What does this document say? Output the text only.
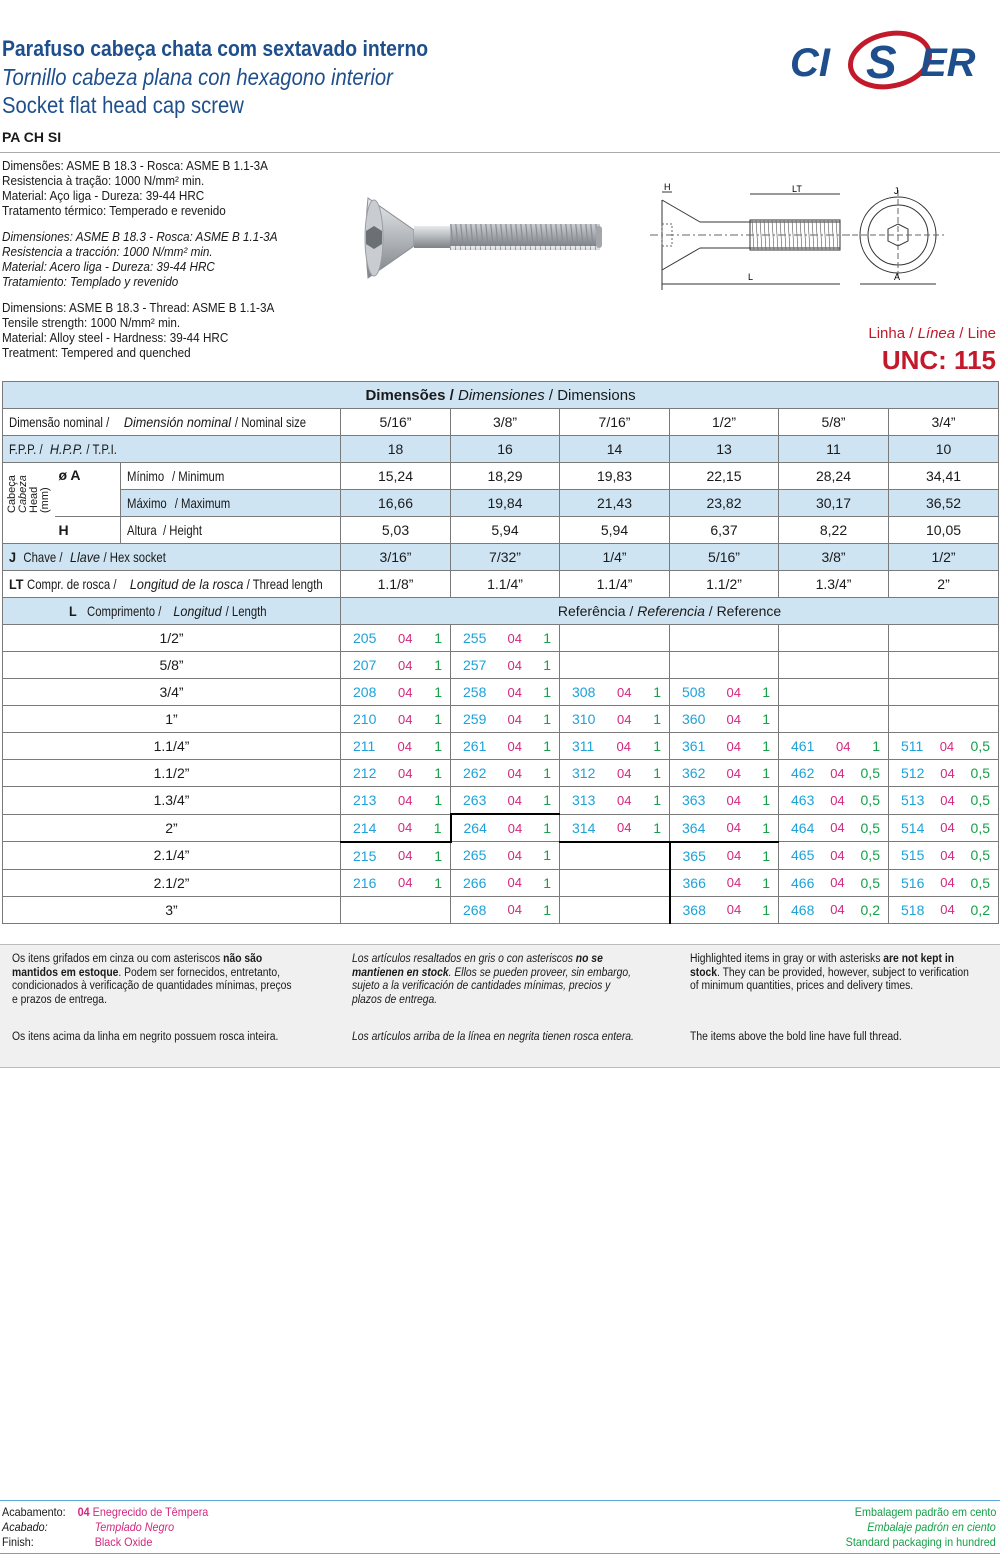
Parafuso cabeça chata com sextavado interno
Tornillo cabeza plana con hexagono interior
Socket flat head cap screw
PA CH SI
CI S ER
Dimensões: ASME B 18.3 - Rosca: ASME B 1.1-3A
Resistencia à tração: 1000 N/mm² min.
Material: Aço liga - Dureza: 39-44 HRC
Tratamento térmico: Temperado e revenido
Dimensiones: ASME B 18.3 - Rosca: ASME B 1.1-3A
Resistencia a tracción: 1000 N/mm² min.
Material: Acero liga - Dureza: 39-44 HRC
Tratamiento: Templado y revenido
Dimensions: ASME B 18.3 - Thread: ASME B 1.1-3A
Tensile strength: 1000 N/mm² min.
Material: Alloy steel - Hardness: 39-44 HRC
Treatment: Tempered and quenched
H	LT
L
J
A
Linha / Línea / Line
UNC: 115
Dimensões / Dimensiones / Dimensions								
Dimensão nominal / Dimensión nominal / Nominal size			5/16”	3/8”	7/16”	1/2”	5/8”	3/4”
F.P.P. / H.P.P. / T.P.I.			18	16	14	13	11	10

Cabeça Cabeza Head (mm)	ø A	Mínimo / Minimum	15,24	18,29	19,83	22,15	28,24	34,41
		Máximo / Maximum	16,66	19,84	21,43	23,82	30,17	36,52
	H	Altura / Height	5,03	5,94	5,94	6,37	8,22	10,05
J Chave / Llave / Hex socket			3/16”	7/32”	1/4”	5/16”	3/8”	1/2”
LT Compr. de rosca / Longitud de la rosca / Thread length			1.1/8”	1.1/4”	1.1/4”	1.1/2”	1.3/4”	2”
L Comprimento / Longitud / Length			Referência / Referencia / Reference					
1/2”			205 04 1	255 04 1				

5/8”			207 04 1	257 04 1				

3/4”			208 04 1	258 04 1	308 04 1	508 04 1		

1”			210 04 1	259 04 1	310 04 1	360 04 1		

1.1/4”			211 04 1	261 04 1	311 04 1	361 04 1	461 04 1	511 04 0,5

1.1/2”			212 04 1	262 04 1	312 04 1	362 04 1	462 04 0,5	512 04 0,5

1.3/4”			213 04 1	263 04 1	313 04 1	363 04 1	463 04 0,5	513 04 0,5

2”			214 04 1	264 04 1	314 04 1	364 04 1	464 04 0,5	514 04 0,5

2.1/4”			215 04 1	265 04 1		365 04 1	465 04 0,5	515 04 0,5

2.1/2”			216 04 1	266 04 1		366 04 1	466 04 0,5	516 04 0,5

3”				268 04 1		368 04 1	468 04 0,2	518 04 0,2
Os itens grifados em cinza ou com asteriscos não são mantidos em estoque. Podem ser fornecidos, entretanto, condicionados à verificação de quantidades mínimas, preços e prazos de entrega.
Los artículos resaltados en gris o con asteriscos no se mantienen en stock. Ellos se pueden proveer, sin embargo, sujeto a la verificación de cantidades mínimas, precios y plazos de entrega.
Highlighted items in gray or with asterisks are not kept in stock. They can be provided, however, subject to verification of minimum quantities, prices and delivery times.
Os itens acima da linha em negrito possuem rosca inteira.	Los artículos arriba de la línea en negrita tienen rosca entera.	The items above the bold line have full thread.
Acabamento: 04 Enegrecido de Têmpera
Acabado:	Templado Negro
Finish:	Black Oxide
Embalagem padrão em cento
Embalaje padrón en ciento
Standard packaging in hundred
